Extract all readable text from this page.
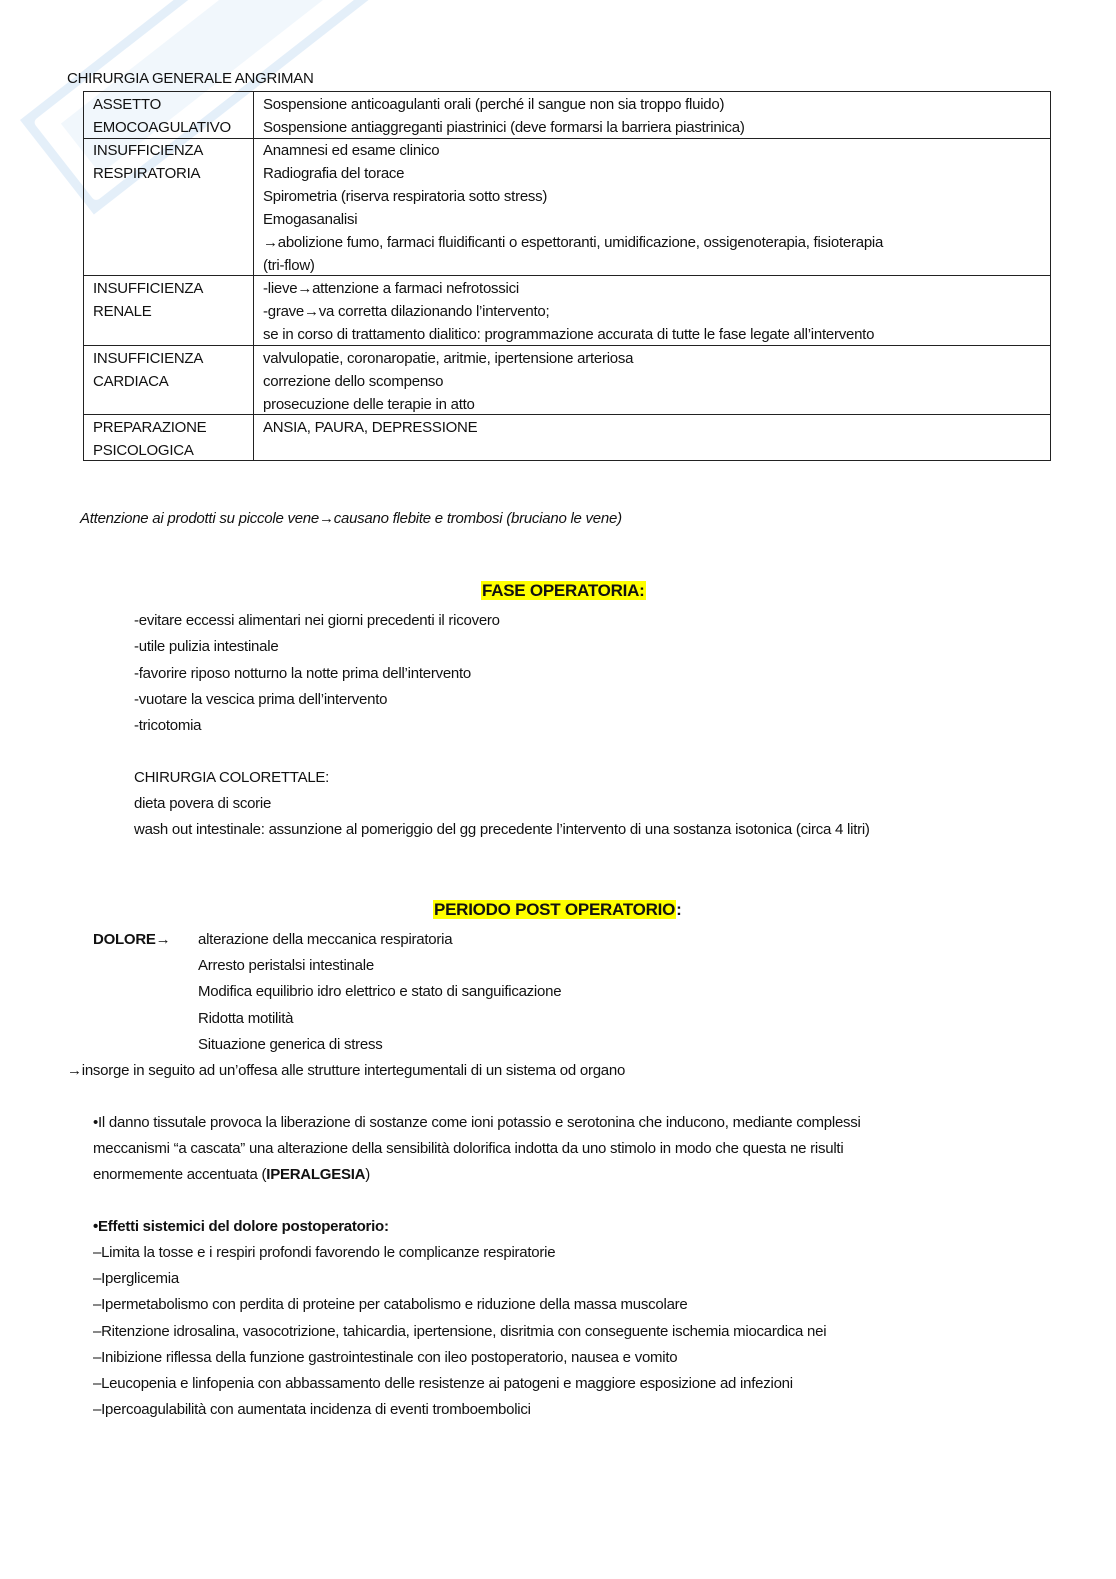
CHIRURGIA GENERALE ANGRIMAN
Attenzione ai prodotti su piccole vene→causano flebite e trombosi (bruciano le vene)
FASE OPERATORIA:
CHIRURGIA COLORETTALE:
PERIODO POST OPERATORIO:
DOLORE→
→insorge in seguito ad un’offesa alle strutture intertegumentali di un sistema od organo
enormemente accentuata (IPERALGESIA)
•Effetti sistemici del dolore postoperatorio:
ASSETTO
EMOCOAGULATIVO
Sospensione anticoagulanti orali (perché il sangue non sia troppo fluido)
Sospensione antiaggreganti piastrinici (deve formarsi la barriera piastrinica)
INSUFFICIENZA
RESPIRATORIA
Anamnesi ed esame clinico
Radiografia del torace
Spirometria (riserva respiratoria sotto stress)
Emogasanalisi
→abolizione fumo, farmaci fluidificanti o espettoranti, umidificazione, ossigenoterapia, fisioterapia
(tri-flow)
INSUFFICIENZA
RENALE
-lieve→attenzione a farmaci nefrotossici
-grave→va corretta dilazionando l’intervento;
se in corso di trattamento dialitico: programmazione accurata di tutte le fase legate all’intervento
INSUFFICIENZA
CARDIACA
valvulopatie, coronaropatie, aritmie, ipertensione arteriosa
correzione dello scompenso
prosecuzione delle terapie in atto
PREPARAZIONE
PSICOLOGICA
ANSIA, PAURA, DEPRESSIONE
-evitare eccessi alimentari nei giorni precedenti il ricovero
-utile pulizia intestinale
-favorire riposo notturno la notte prima dell’intervento
-vuotare la vescica prima dell’intervento
-tricotomia
dieta povera di scorie
wash out intestinale: assunzione al pomeriggio del gg precedente l’intervento di una sostanza isotonica (circa 4 litri)
alterazione della meccanica respiratoria
Arresto peristalsi intestinale
Modifica equilibrio idro elettrico e stato di sanguificazione
Ridotta motilità
Situazione generica di stress
•Il danno tissutale provoca la liberazione di sostanze come ioni potassio e serotonina che inducono, mediante complessi
meccanismi “a cascata” una alterazione della sensibilità dolorifica indotta da uno stimolo in modo che questa ne risulti
–Limita la tosse e i respiri profondi favorendo le complicanze respiratorie
–Iperglicemia
–Ipermetabolismo con perdita di proteine per catabolismo e riduzione della massa muscolare
–Ritenzione idrosalina, vasocotrizione, tahicardia, ipertensione, disritmia con conseguente ischemia miocardica nei
–Inibizione riflessa della funzione gastrointestinale con ileo postoperatorio, nausea e vomito
–Leucopenia e linfopenia con abbassamento delle resistenze ai patogeni e maggiore esposizione ad infezioni
–Ipercoagulabilità con aumentata incidenza di eventi tromboembolici
